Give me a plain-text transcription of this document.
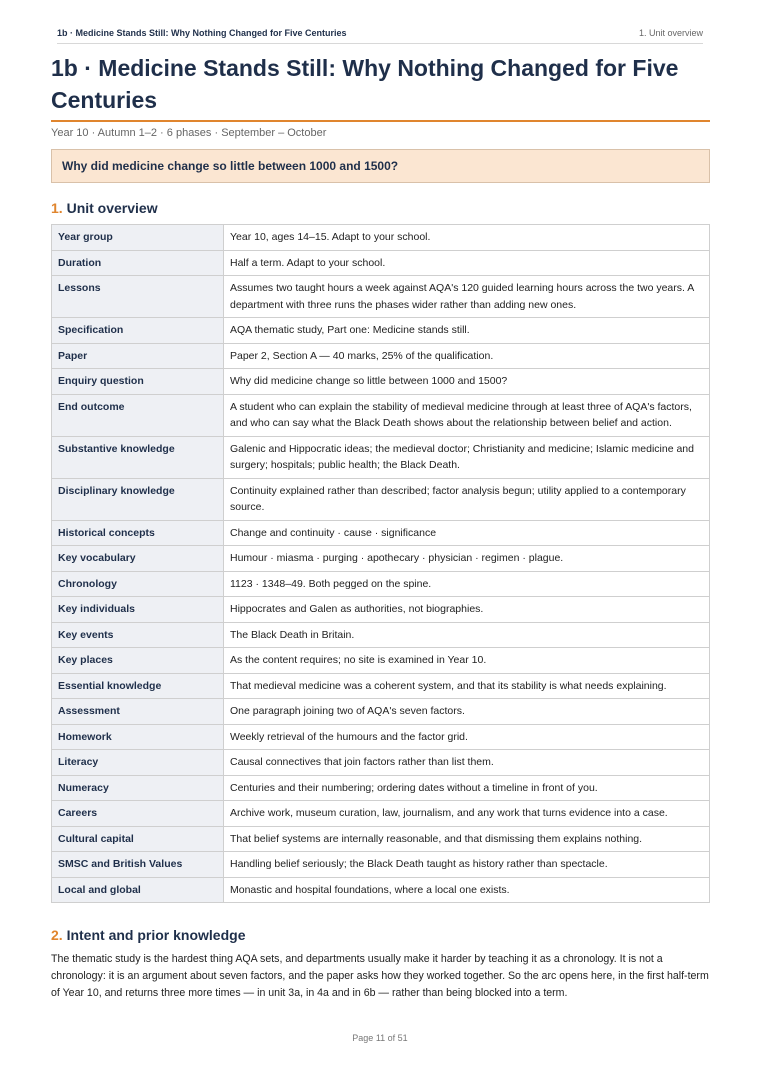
1b · Medicine Stands Still: Why Nothing Changed for Five Centuries	1. Unit overview
1b · Medicine Stands Still: Why Nothing Changed for Five Centuries
Year 10 · Autumn 1–2 · 6 phases · September – October
Why did medicine change so little between 1000 and 1500?
1. Unit overview
Year group	Year 10, ages 14–15. Adapt to your school.
Duration	Half a term. Adapt to your school.
Lessons	Assumes two taught hours a week against AQA's 120 guided learning hours across the two years. A department with three runs the phases wider rather than adding new ones.
Specification	AQA thematic study, Part one: Medicine stands still.
Paper	Paper 2, Section A — 40 marks, 25% of the qualification.
Enquiry question	Why did medicine change so little between 1000 and 1500?
End outcome	A student who can explain the stability of medieval medicine through at least three of AQA's factors, and who can say what the Black Death shows about the relationship between belief and action.
Substantive knowledge	Galenic and Hippocratic ideas; the medieval doctor; Christianity and medicine; Islamic medicine and surgery; hospitals; public health; the Black Death.
Disciplinary knowledge	Continuity explained rather than described; factor analysis begun; utility applied to a contemporary source.
Historical concepts	Change and continuity · cause · significance
Key vocabulary	Humour · miasma · purging · apothecary · physician · regimen · plague.
Chronology	1123 · 1348–49. Both pegged on the spine.
Key individuals	Hippocrates and Galen as authorities, not biographies.
Key events	The Black Death in Britain.
Key places	As the content requires; no site is examined in Year 10.
Essential knowledge	That medieval medicine was a coherent system, and that its stability is what needs explaining.
Assessment	One paragraph joining two of AQA's seven factors.
Homework	Weekly retrieval of the humours and the factor grid.
Literacy	Causal connectives that join factors rather than list them.
Numeracy	Centuries and their numbering; ordering dates without a timeline in front of you.
Careers	Archive work, museum curation, law, journalism, and any work that turns evidence into a case.
Cultural capital	That belief systems are internally reasonable, and that dismissing them explains nothing.
SMSC and British Values	Handling belief seriously; the Black Death taught as history rather than spectacle.
Local and global	Monastic and hospital foundations, where a local one exists.
2. Intent and prior knowledge

The thematic study is the hardest thing AQA sets, and departments usually make it harder by teaching it as a chronology. It is not a chronology: it is an argument about seven factors, and the paper asks how they worked together. So the arc opens here, in the first half-term of Year 10, and returns three more times — in unit 3a, in 4a and in 6b — rather than being blocked into a term.

Page 11 of 51
